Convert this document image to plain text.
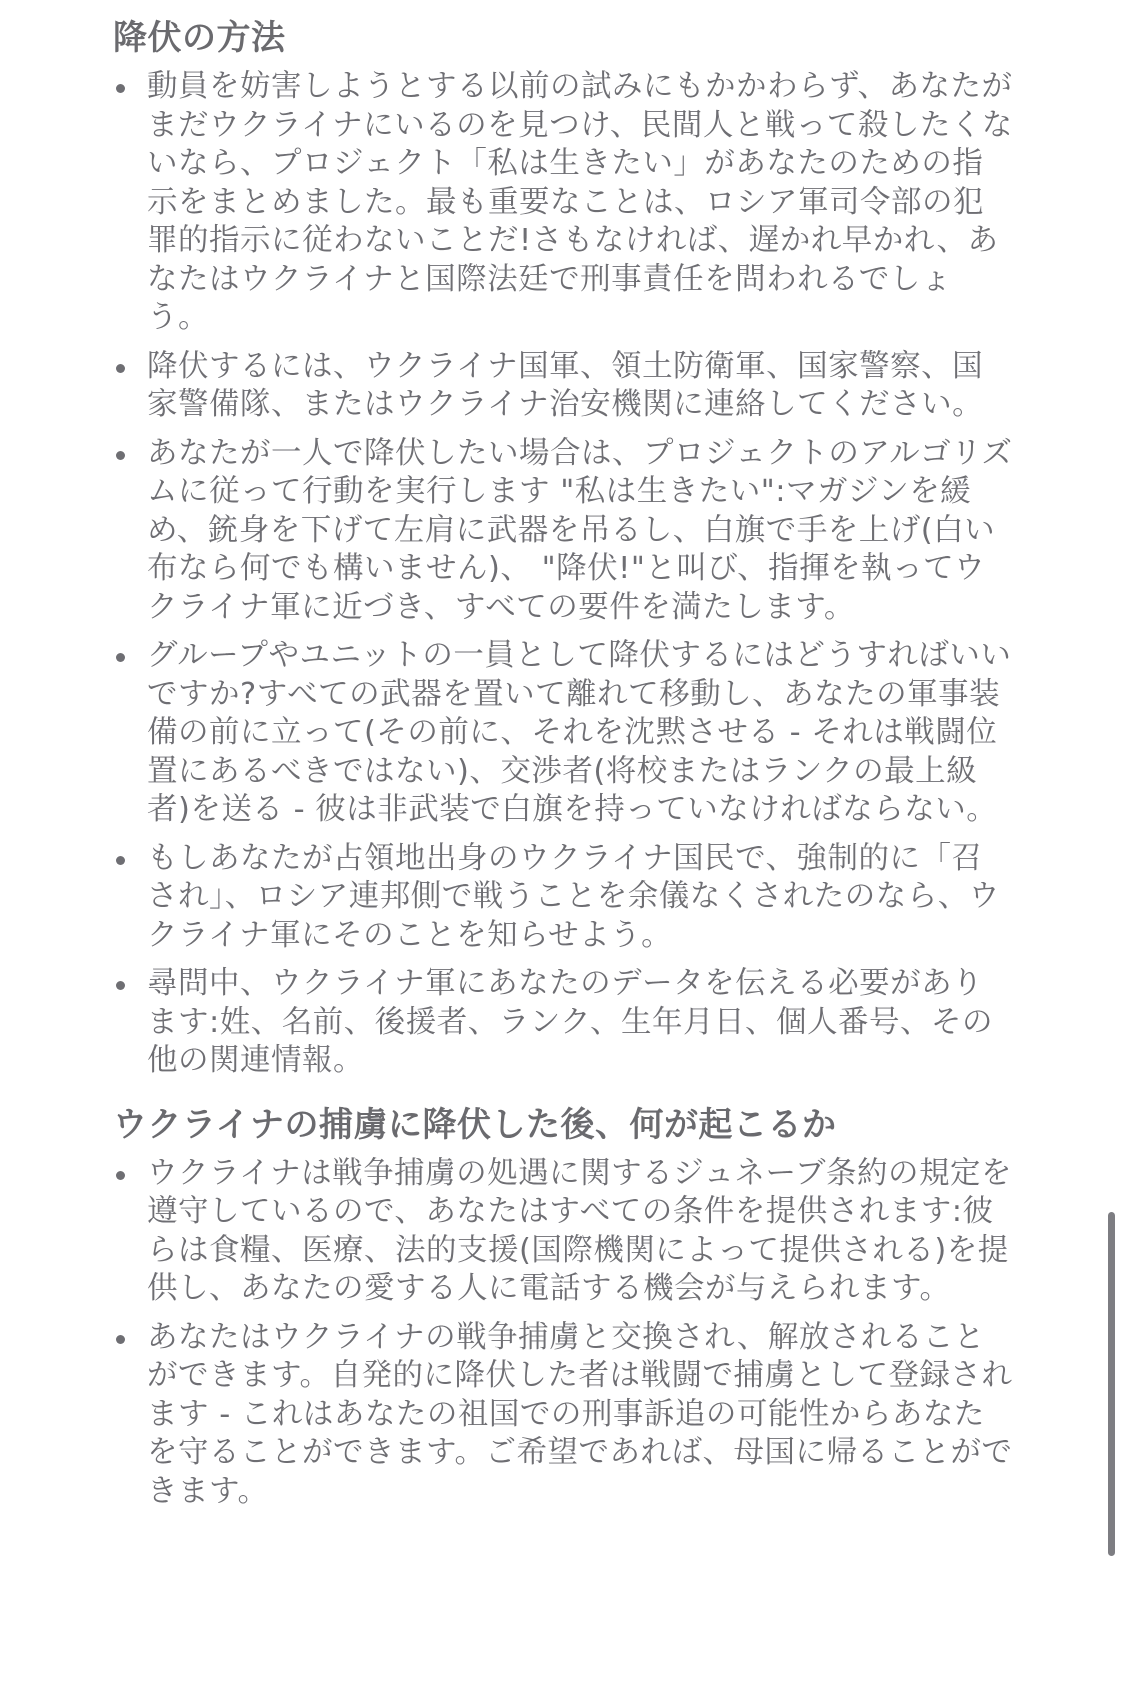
降伏の方法
動員を妨害しようとする以前の試みにもかかわらず、あなたがまだウクライナにいるのを見つけ、民間人と戦って殺したくないなら、プロジェクト「私は生きたい」があなたのための指示をまとめました。最も重要なことは、ロシア軍司令部の犯罪的指示に従わないことだ!さもなければ、遅かれ早かれ、あなたはウクライナと国際法廷で刑事責任を問われるでしょう。
降伏するには、ウクライナ国軍、領土防衛軍、国家警察、国家警備隊、またはウクライナ治安機関に連絡してください。
あなたが一人で降伏したい場合は、プロジェクトのアルゴリズムに従って行動を実行します "私は生きたい":マガジンを緩め、銃身を下げて左肩に武器を吊るし、白旗で手を上げ(白い布なら何でも構いません)、 "降伏!"と叫び、指揮を執ってウクライナ軍に近づき、すべての要件を満たします。
グループやユニットの一員として降伏するにはどうすればいいですか?すべての武器を置いて離れて移動し、あなたの軍事装備の前に立って(その前に、それを沈黙させる - それは戦闘位置にあるべきではない)、交渉者(将校またはランクの最上級者)を送る - 彼は非武装で白旗を持っていなければならない。
もしあなたが占領地出身のウクライナ国民で、強制的に「召され」、ロシア連邦側で戦うことを余儀なくされたのなら、ウクライナ軍にそのことを知らせよう。
尋問中、ウクライナ軍にあなたのデータを伝える必要があります:姓、名前、後援者、ランク、生年月日、個人番号、その他の関連情報。
ウクライナの捕虜に降伏した後、何が起こるか
ウクライナは戦争捕虜の処遇に関するジュネーブ条約の規定を遵守しているので、あなたはすべての条件を提供されます:彼らは食糧、医療、法的支援(国際機関によって提供される)を提供し、あなたの愛する人に電話する機会が与えられます。
あなたはウクライナの戦争捕虜と交換され、解放されることができます。自発的に降伏した者は戦闘で捕虜として登録されます - これはあなたの祖国での刑事訴追の可能性からあなたを守ることができます。ご希望であれば、母国に帰ることができます。
